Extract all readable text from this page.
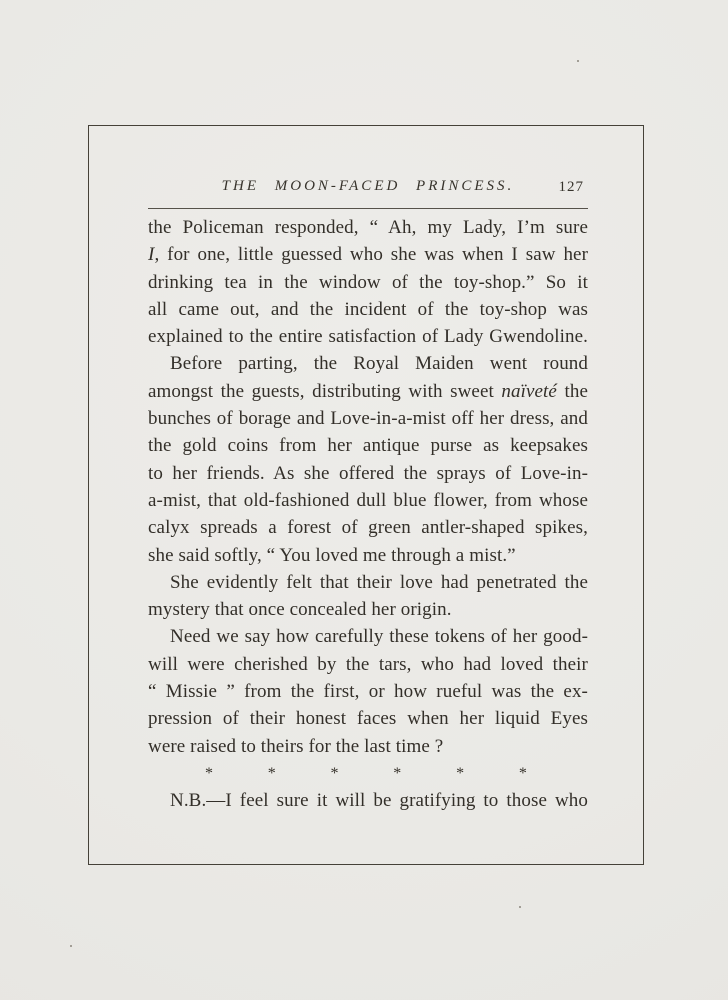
THE MOON-FACED PRINCESS.	127
the Policeman responded, “ Ah, my Lady, I’m sure
I, for one, little guessed who she was when I saw her
drinking tea in the window of the toy-shop.” So it
all came out, and the incident of the toy-shop was
explained to the entire satisfaction of Lady Gwendoline.
Before parting, the Royal Maiden went round
amongst the guests, distributing with sweet naïveté the
bunches of borage and Love-in-a-mist off her dress, and
the gold coins from her antique purse as keepsakes
to her friends. As she offered the sprays of Love-in-
a-mist, that old-fashioned dull blue flower, from whose
calyx spreads a forest of green antler-shaped spikes,
she said softly, “ You loved me through a mist.”
She evidently felt that their love had penetrated the
mystery that once concealed her origin.
Need we say how carefully these tokens of her good-
will were cherished by the tars, who had loved their
“ Missie ” from the first, or how rueful was the ex-
pression of their honest faces when her liquid Eyes
were raised to theirs for the last time ?
*	*	*	*	*	*
N.B.—I feel sure it will be gratifying to those who
